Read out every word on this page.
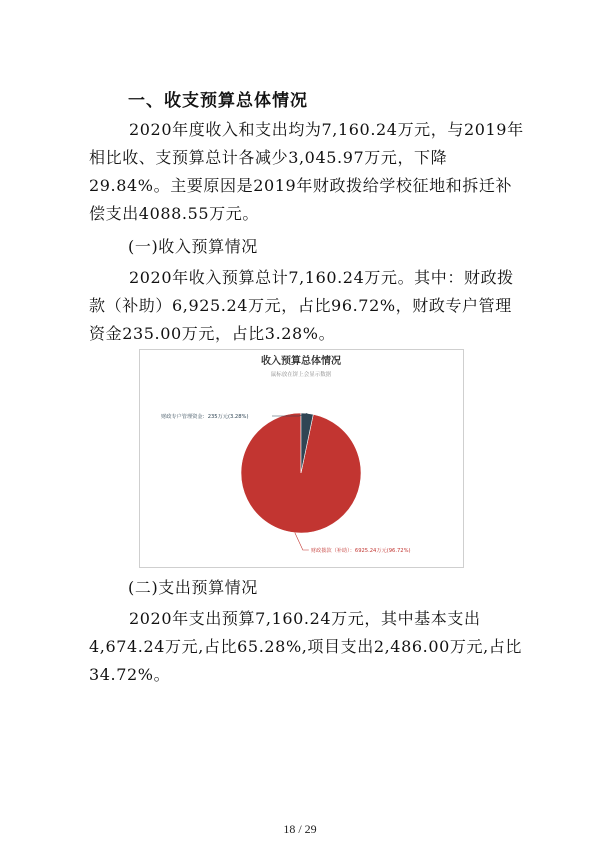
一、收支预算总体情况
2020年度收入和支出均为7,160.24万元，与2019年
相比收、支预算总计各减少3,045.97万元，下降
29.84%。主要原因是2019年财政拨给学校征地和拆迁补
偿支出4088.55万元。
(一)收入预算情况
2020年收入预算总计7,160.24万元。其中：财政拨
款（补助）6,925.24万元，占比96.72%，财政专户管理
资金235.00万元，占比3.28%。
收入预算总体情况
鼠标放在饼上会显示数据
财政拨款（补助）：6925.24万元(96.72%)
财政专户管理资金：235万元(3.28%)
(二)支出预算情况
2020年支出预算7,160.24万元，其中基本支出
4,674.24万元,占比65.28%,项目支出2,486.00万元,占比
34.72%。
18 / 29
